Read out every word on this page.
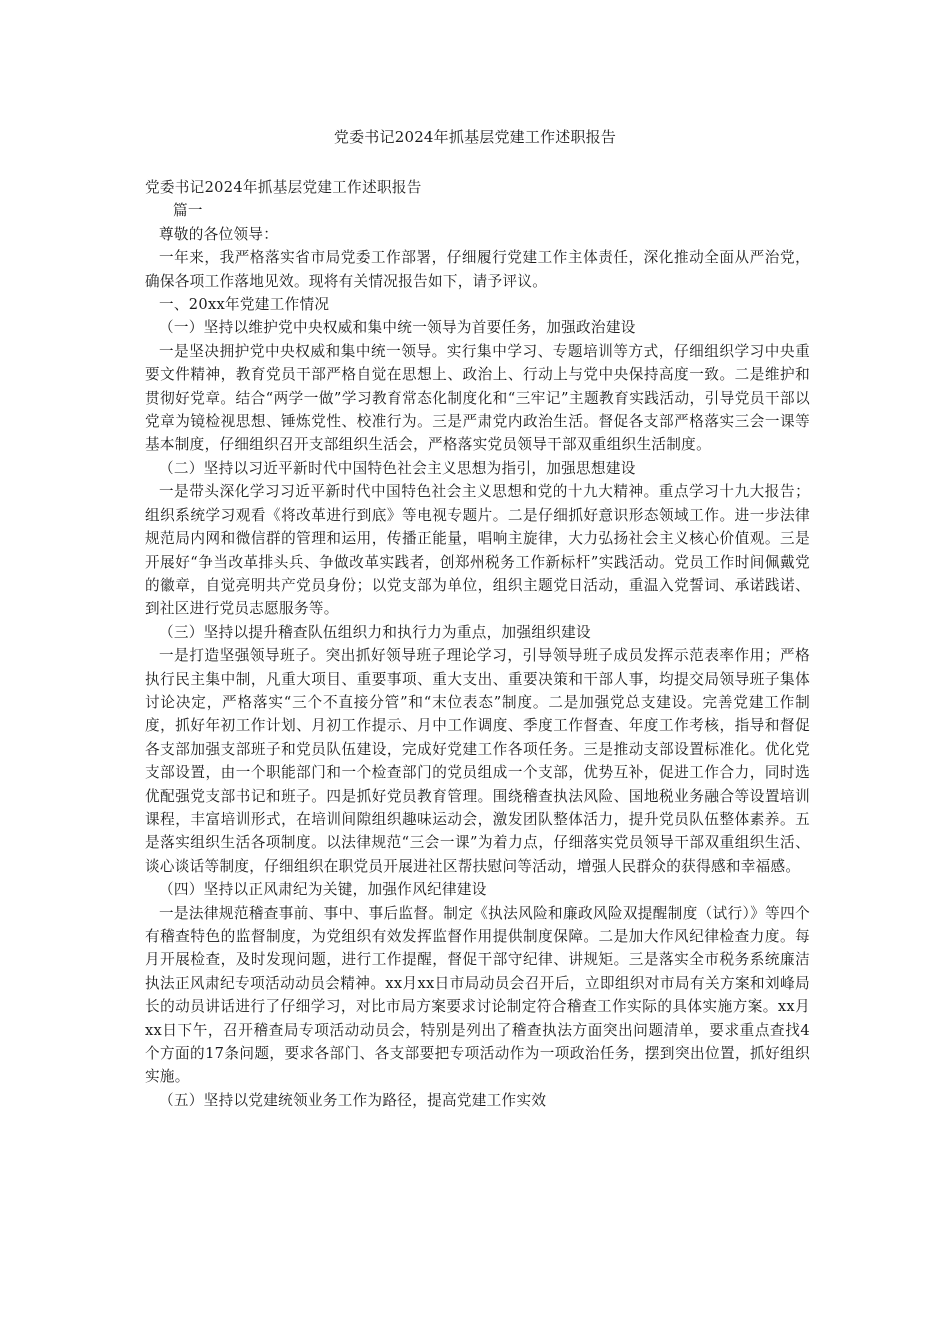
党委书记2024年抓基层党建工作述职报告

党委书记2024年抓基层党建工作述职报告

篇一

尊敬的各位领导：

一年来，我严格落实省市局党委工作部署，仔细履行党建工作主体责任，深化推动全面从严治党，确保各项工作落地见效。现将有关情况报告如下，请予评议。

一、20xx年党建工作情况

（一）坚持以维护党中央权威和集中统一领导为首要任务，加强政治建设

一是坚决拥护党中央权威和集中统一领导。实行集中学习、专题培训等方式，仔细组织学习中央重要文件精神，教育党员干部严格自觉在思想上、政治上、行动上与党中央保持高度一致。二是维护和贯彻好党章。结合“两学一做”学习教育常态化制度化和“三牢记”主题教育实践活动，引导党员干部以党章为镜检视思想、锤炼党性、校准行为。三是严肃党内政治生活。督促各支部严格落实三会一课等基本制度，仔细组织召开支部组织生活会，严格落实党员领导干部双重组织生活制度。

（二）坚持以习近平新时代中国特色社会主义思想为指引，加强思想建设

一是带头深化学习习近平新时代中国特色社会主义思想和党的十九大精神。重点学习十九大报告；组织系统学习观看《将改革进行到底》等电视专题片。二是仔细抓好意识形态领域工作。进一步法律规范局内网和微信群的管理和运用，传播正能量，唱响主旋律，大力弘扬社会主义核心价值观。三是开展好“争当改革排头兵、争做改革实践者，创郑州税务工作新标杆”实践活动。党员工作时间佩戴党的徽章，自觉亮明共产党员身份；以党支部为单位，组织主题党日活动，重温入党誓词、承诺践诺、到社区进行党员志愿服务等。

（三）坚持以提升稽查队伍组织力和执行力为重点，加强组织建设

一是打造坚强领导班子。突出抓好领导班子理论学习，引导领导班子成员发挥示范表率作用；严格执行民主集中制，凡重大项目、重要事项、重大支出、重要决策和干部人事，均提交局领导班子集体讨论决定，严格落实“三个不直接分管”和“末位表态”制度。二是加强党总支建设。完善党建工作制度，抓好年初工作计划、月初工作提示、月中工作调度、季度工作督查、年度工作考核，指导和督促各支部加强支部班子和党员队伍建设，完成好党建工作各项任务。三是推动支部设置标准化。优化党支部设置，由一个职能部门和一个检查部门的党员组成一个支部，优势互补，促进工作合力，同时选优配强党支部书记和班子。四是抓好党员教育管理。围绕稽查执法风险、国地税业务融合等设置培训课程，丰富培训形式，在培训间隙组织趣味运动会，激发团队整体活力，提升党员队伍整体素养。五是落实组织生活各项制度。以法律规范“三会一课”为着力点，仔细落实党员领导干部双重组织生活、谈心谈话等制度，仔细组织在职党员开展进社区帮扶慰问等活动，增强人民群众的获得感和幸福感。

（四）坚持以正风肃纪为关键，加强作风纪律建设

一是法律规范稽查事前、事中、事后监督。制定《执法风险和廉政风险双提醒制度（试行）》等四个有稽查特色的监督制度，为党组织有效发挥监督作用提供制度保障。二是加大作风纪律检查力度。每月开展检查，及时发现问题，进行工作提醒，督促干部守纪律、讲规矩。三是落实全市税务系统廉洁执法正风肃纪专项活动动员会精神。xx月xx日市局动员会召开后，立即组织对市局有关方案和刘峰局长的动员讲话进行了仔细学习，对比市局方案要求讨论制定符合稽查工作实际的具体实施方案。xx月xx日下午，召开稽查局专项活动动员会，特别是列出了稽查执法方面突出问题清单，要求重点查找4个方面的17条问题，要求各部门、各支部要把专项活动作为一项政治任务，摆到突出位置，抓好组织实施。

（五）坚持以党建统领业务工作为路径，提高党建工作实效
